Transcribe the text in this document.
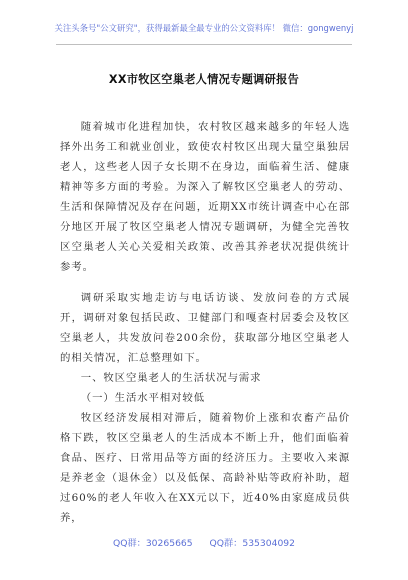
关注头条号"公文研究"，获得最新最全最专业的公文资料库！ 微信：gongwenyj
XX市牧区空巢老人情况专题调研报告

随着城市化进程加快，农村牧区越来越多的年轻人选择外出务工和就业创业，致使农村牧区出现大量空巢独居老人，这些老人因子女长期不在身边，面临着生活、健康精神等多方面的考验。为深入了解牧区空巢老人的劳动、生活和保障情况及存在问题，近期XX市统计调查中心在部分地区开展了牧区空巢老人情况专题调研，为健全完善牧区空巢老人关心关爱相关政策、改善其养老状况提供统计参考。

调研采取实地走访与电话访谈、发放问卷的方式展开，调研对象包括民政、卫健部门和嘎查村居委会及牧区空巢老人，共发放问卷200余份，获取部分地区空巢老人的相关情况，汇总整理如下。

一、牧区空巢老人的生活状况与需求

（一）生活水平相对较低

牧区经济发展相对滞后，随着物价上涨和农畜产品价格下跌，牧区空巢老人的生活成本不断上升，他们面临着食品、医疗、日常用品等方面的经济压力。主要收入来源是养老金（退休金）以及低保、高龄补贴等政府补助，超过60%的老人年收入在XX元以下，近40%由家庭成员供养，

QQ群：30265665 QQ群：535304092
